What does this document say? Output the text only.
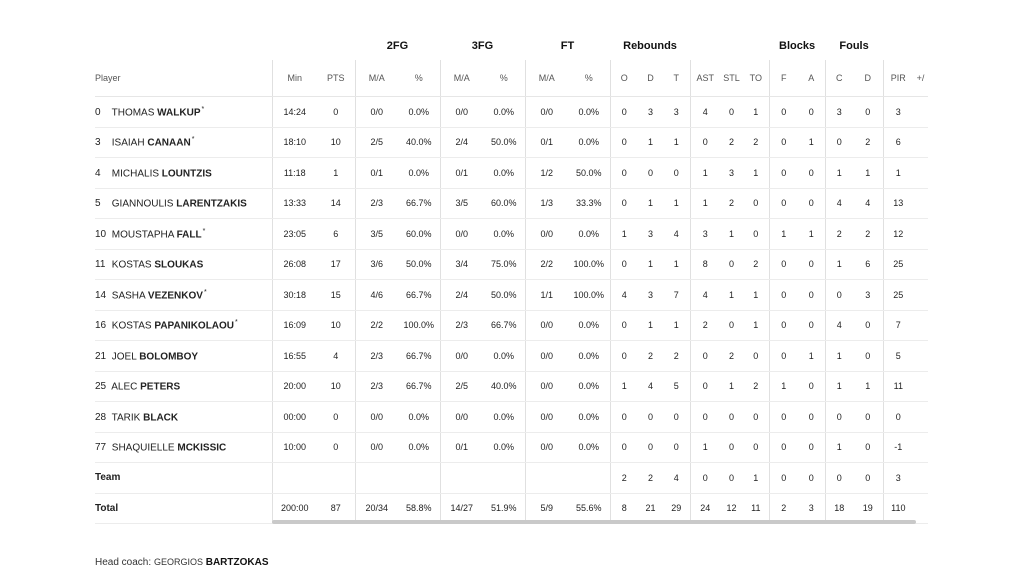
			2FG		3FG		FT		Rebounds						Blocks		Fouls			
Player	Min	PTS	M/A	%	M/A	%	M/A	%	O	D	T	AST	STL	TO	F	A	C	D	PIR	+/
0 THOMAS WALKUP*	14:24	0	0/0	0.0%	0/0	0.0%	0/0	0.0%	0	3	3	4	0	1	0	0	3	0	3	
3 ISAIAH CANAAN*	18:10	10	2/5	40.0%	2/4	50.0%	0/1	0.0%	0	1	1	0	2	2	0	1	0	2	6	
4 MICHALIS LOUNTZIS	11:18	1	0/1	0.0%	0/1	0.0%	1/2	50.0%	0	0	0	1	3	1	0	0	1	1	1	
5 GIANNOULIS LARENTZAKIS	13:33	14	2/3	66.7%	3/5	60.0%	1/3	33.3%	0	1	1	1	2	0	0	0	4	4	13	
10 MOUSTAPHA FALL*	23:05	6	3/5	60.0%	0/0	0.0%	0/0	0.0%	1	3	4	3	1	0	1	1	2	2	12	
11 KOSTAS SLOUKAS	26:08	17	3/6	50.0%	3/4	75.0%	2/2	100.0%	0	1	1	8	0	2	0	0	1	6	25	
14 SASHA VEZENKOV*	30:18	15	4/6	66.7%	2/4	50.0%	1/1	100.0%	4	3	7	4	1	1	0	0	0	3	25	
16 KOSTAS PAPANIKOLAOU*	16:09	10	2/2	100.0%	2/3	66.7%	0/0	0.0%	0	1	1	2	0	1	0	0	4	0	7	
21 JOEL BOLOMBOY	16:55	4	2/3	66.7%	0/0	0.0%	0/0	0.0%	0	2	2	0	2	0	0	1	1	0	5	
25 ALEC PETERS	20:00	10	2/3	66.7%	2/5	40.0%	0/0	0.0%	1	4	5	0	1	2	1	0	1	1	11	
28 TARIK BLACK	00:00	0	0/0	0.0%	0/0	0.0%	0/0	0.0%	0	0	0	0	0	0	0	0	0	0	0	
77 SHAQUIELLE MCKISSIC	10:00	0	0/0	0.0%	0/1	0.0%	0/0	0.0%	0	0	0	1	0	0	0	0	1	0	-1	
Team									2	2	4	0	0	1	0	0	0	0	3	
Total	200:00	87	20/34	58.8%	14/27	51.9%	5/9	55.6%	8	21	29	24	12	11	2	3	18	19	110	
Head coach: GEORGIOS BARTZOKAS
